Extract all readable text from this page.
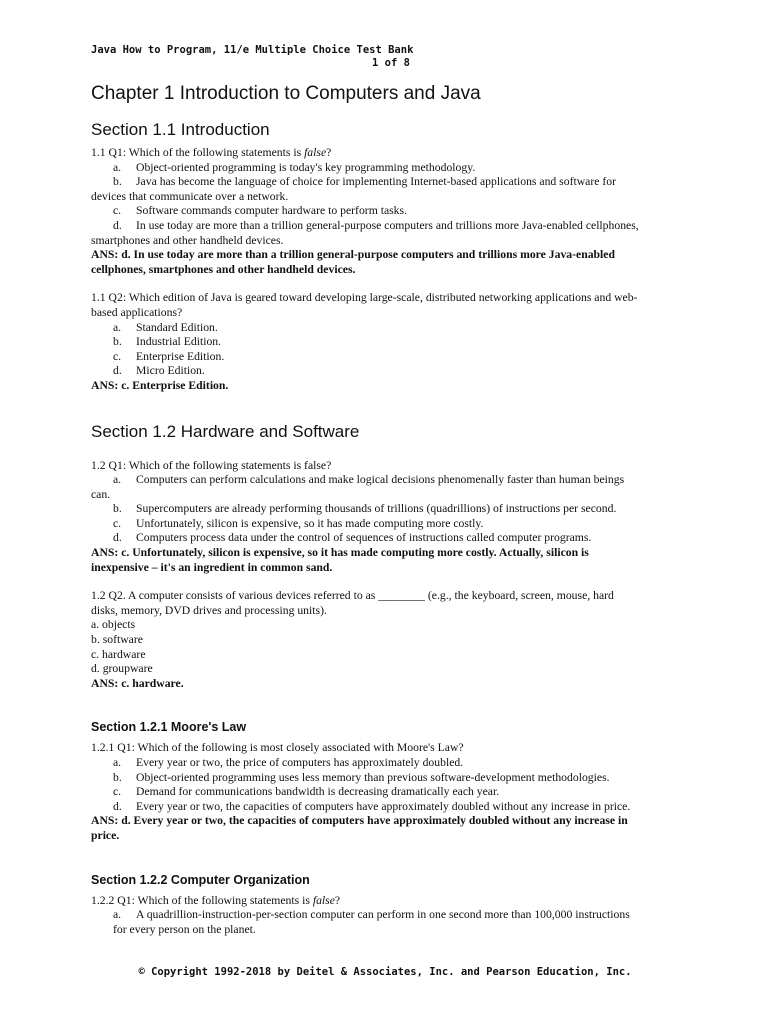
Java How to Program, 11/e Multiple Choice Test Bank
1 of 8
Chapter 1 Introduction to Computers and Java
Section 1.1 Introduction
1.1 Q1: Which of the following statements is false?
a. Object-oriented programming is today's key programming methodology.
b. Java has become the language of choice for implementing Internet-based applications and software for
devices that communicate over a network.
c. Software commands computer hardware to perform tasks.
d. In use today are more than a trillion general-purpose computers and trillions more Java-enabled cellphones,
smartphones and other handheld devices.
ANS: d. In use today are more than a trillion general-purpose computers and trillions more Java-enabled
cellphones, smartphones and other handheld devices.
1.1 Q2: Which edition of Java is geared toward developing large-scale, distributed networking applications and web-
based applications?
a. Standard Edition.
b. Industrial Edition.
c. Enterprise Edition.
d. Micro Edition.
ANS: c. Enterprise Edition.
Section 1.2 Hardware and Software
1.2 Q1: Which of the following statements is false?
a. Computers can perform calculations and make logical decisions phenomenally faster than human beings
can.
b. Supercomputers are already performing thousands of trillions (quadrillions) of instructions per second.
c. Unfortunately, silicon is expensive, so it has made computing more costly.
d. Computers process data under the control of sequences of instructions called computer programs.
ANS: c. Unfortunately, silicon is expensive, so it has made computing more costly. Actually, silicon is
inexpensive – it's an ingredient in common sand.
1.2 Q2. A computer consists of various devices referred to as ________ (e.g., the keyboard, screen, mouse, hard
disks, memory, DVD drives and processing units).
a. objects
b. software
c. hardware
d. groupware
ANS: c. hardware.
Section 1.2.1 Moore's Law
1.2.1 Q1: Which of the following is most closely associated with Moore's Law?
a. Every year or two, the price of computers has approximately doubled.
b. Object-oriented programming uses less memory than previous software-development methodologies.
c. Demand for communications bandwidth is decreasing dramatically each year.
d. Every year or two, the capacities of computers have approximately doubled without any increase in price.
ANS: d. Every year or two, the capacities of computers have approximately doubled without any increase in
price.
Section 1.2.2 Computer Organization
1.2.2 Q1: Which of the following statements is false?
a. A quadrillion-instruction-per-section computer can perform in one second more than 100,000 instructions
for every person on the planet.
© Copyright 1992-2018 by Deitel & Associates, Inc. and Pearson Education, Inc.
